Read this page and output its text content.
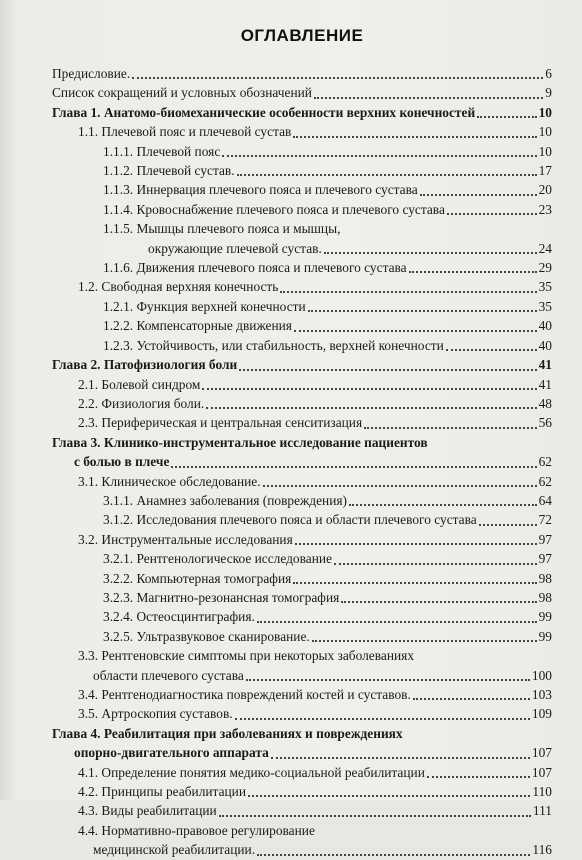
ОГЛАВЛЕНИЕ
Предисловие.	6
Список сокращений и условных обозначений	9
Глава 1. Анатомо-биомеханические особенности верхних конечностей	10
1.1. Плечевой пояс и плечевой сустав	10
1.1.1. Плечевой пояс	10
1.1.2. Плечевой сустав.	17
1.1.3. Иннервация плечевого пояса и плечевого сустава	20
1.1.4. Кровоснабжение плечевого пояса и плечевого сустава	23
1.1.5. Мышцы плечевого пояса и мышцы,
окружающие плечевой сустав.	24
1.1.6. Движения плечевого пояса и плечевого сустава	29
1.2. Свободная верхняя конечность	35
1.2.1. Функция верхней конечности	35
1.2.2. Компенсаторные движения	40
1.2.3. Устойчивость, или стабильность, верхней конечности	40
Глава 2. Патофизиология боли	41
2.1. Болевой синдром	41
2.2. Физиология боли.	48
2.3. Периферическая и центральная сенситизация	56
Глава 3. Клинико-инструментальное исследование пациентов
с болью в плече	62
3.1. Клиническое обследование.	62
3.1.1. Анамнез заболевания (повреждения)	64
3.1.2. Исследования плечевого пояса и области плечевого сустава	72
3.2. Инструментальные исследования	97
3.2.1. Рентгенологическое исследование	97
3.2.2. Компьютерная томография	98
3.2.3. Магнитно-резонансная томография	98
3.2.4. Остеосцинтиграфия.	99
3.2.5. Ультразвуковое сканирование.	99
3.3. Рентгеновские симптомы при некоторых заболеваниях
области плечевого сустава	100
3.4. Рентгенодиагностика повреждений костей и суставов.	103
3.5. Артроскопия суставов.	109
Глава 4. Реабилитация при заболеваниях и повреждениях
опорно-двигательного аппарата	107
4.1. Определение понятия медико-социальной реабилитации	107
4.2. Принципы реабилитации	110
4.3. Виды реабилитации	111
4.4. Нормативно-правовое регулирование
медицинской реабилитации.	116
